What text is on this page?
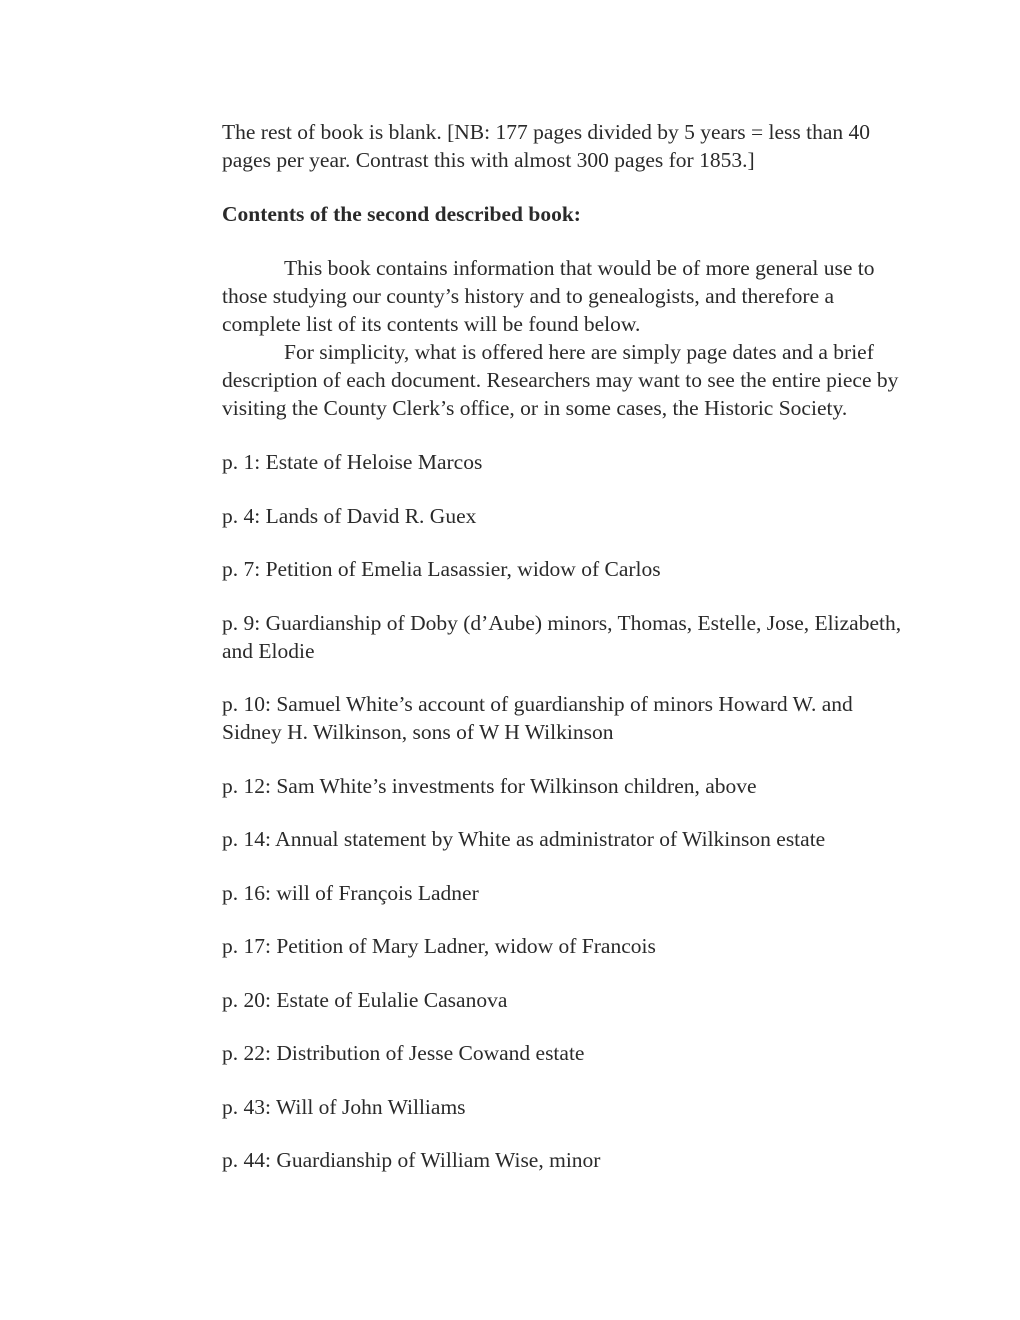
The rest of book is blank. [NB: 177 pages divided by 5 years = less than 40 pages per year. Contrast this with almost 300 pages for 1853.]

Contents of the second described book:

This book contains information that would be of more general use to those studying our county’s history and to genealogists, and therefore a complete list of its contents will be found below.

For simplicity, what is offered here are simply page dates and a brief description of each document. Researchers may want to see the entire piece by visiting the County Clerk’s office, or in some cases, the Historic Society.

p. 1: Estate of Heloise Marcos

p. 4: Lands of David R. Guex

p. 7: Petition of Emelia Lasassier, widow of Carlos

p. 9: Guardianship of Doby (d’Aube) minors, Thomas, Estelle, Jose, Elizabeth, and Elodie

p. 10: Samuel White’s account of guardianship of minors Howard W. and Sidney H. Wilkinson, sons of W H Wilkinson

p. 12: Sam White’s investments for Wilkinson children, above

p. 14: Annual statement by White as administrator of Wilkinson estate

p. 16: will of François Ladner

p. 17: Petition of Mary Ladner, widow of Francois

p. 20: Estate of Eulalie Casanova

p. 22: Distribution of Jesse Cowand estate

p. 43: Will of John Williams

p. 44: Guardianship of William Wise, minor
